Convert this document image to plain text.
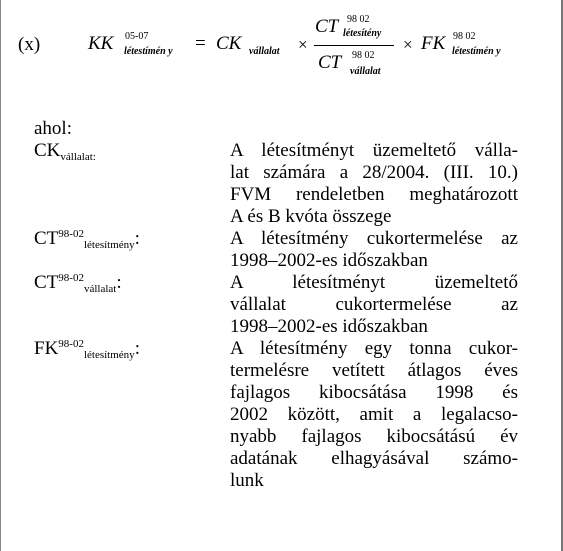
(x)	KK 05-07
létestímén y = CK vállalat ×
CT 98 02
létesítény
CT 98 02
vállalat
× FK 98 02
létestímén y
ahol:
$CK_{vállalat:}$	A létesítményt üzemeltető válla-
lat számára a 28/2004. (III. 10.)
FVM rendeletben meghatározott
A és B kvóta összege
$CT^{98-02}_{létesítmény}$:	A létesítmény cukortermelése az
1998–2002-es időszakban
$CT^{98-02}_{vállalat}$:	A létesítményt üzemeltető
vállalat cukortermelése az
1998–2002-es időszakban
$FK^{98-02}_{létesítmény}$:	A létesítmény egy tonna cukor-
termelésre vetített átlagos éves
fajlagos kibocsátása 1998 és
2002 között, amit a legalacso-
nyabb fajlagos kibocsátású év
adatának elhagyásával számo-
lunk
